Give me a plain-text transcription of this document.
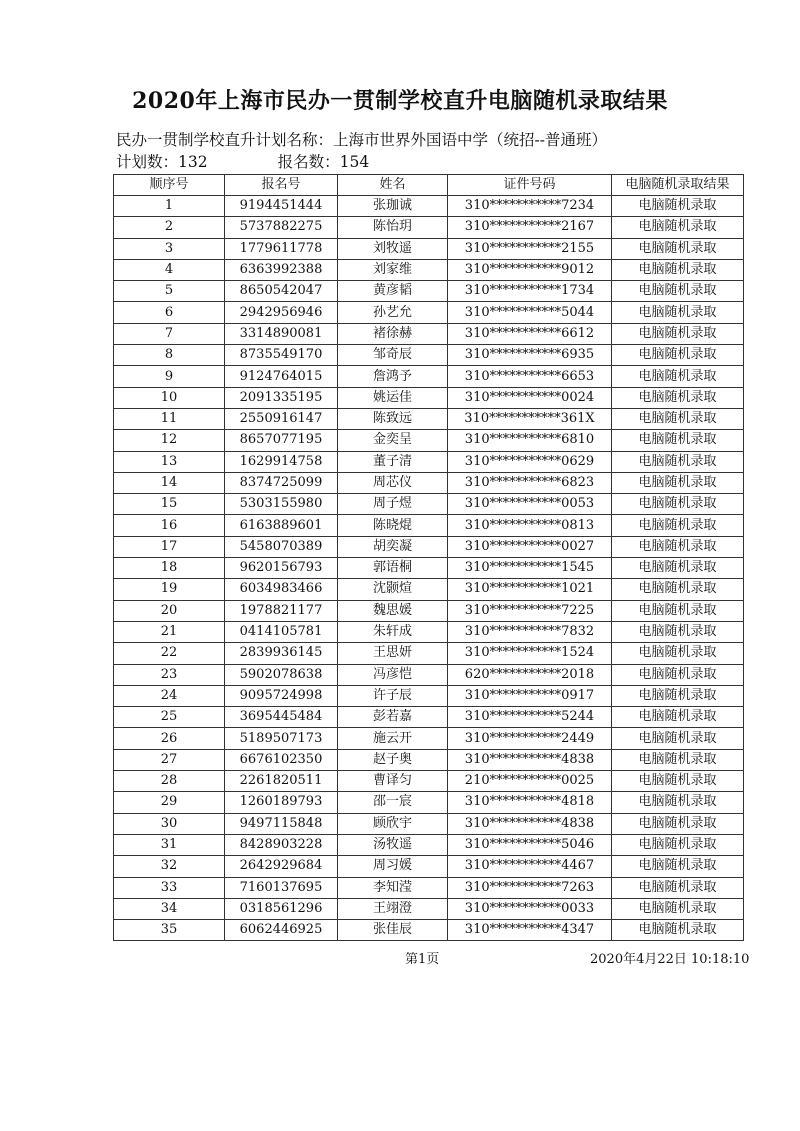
2020年上海市民办一贯制学校直升电脑随机录取结果
民办一贯制学校直升计划名称：上海市世界外国语中学（统招--普通班）
计划数：132	报名数：154
顺序号	报名号	姓名	证件号码	电脑随机录取结果
1	9194451444	张珈诚	310***********7234	电脑随机录取
2	5737882275	陈怡玥	310***********2167	电脑随机录取
3	1779611778	刘牧遥	310***********2155	电脑随机录取
4	6363992388	刘家维	310***********9012	电脑随机录取
5	8650542047	黄彦韬	310***********1734	电脑随机录取
6	2942956946	孙艺允	310***********5044	电脑随机录取
7	3314890081	褚徐赫	310***********6612	电脑随机录取
8	8735549170	邹奇辰	310***********6935	电脑随机录取
9	9124764015	詹鸿予	310***********6653	电脑随机录取
10	2091335195	姚运佳	310***********0024	电脑随机录取
11	2550916147	陈致远	310***********361X	电脑随机录取
12	8657077195	金奕呈	310***********6810	电脑随机录取
13	1629914758	董子清	310***********0629	电脑随机录取
14	8374725099	周芯仪	310***********6823	电脑随机录取
15	5303155980	周子煜	310***********0053	电脑随机录取
16	6163889601	陈晓焜	310***********0813	电脑随机录取
17	5458070389	胡奕凝	310***********0027	电脑随机录取
18	9620156793	郭语桐	310***********1545	电脑随机录取
19	6034983466	沈颢煊	310***********1021	电脑随机录取
20	1978821177	魏思媛	310***********7225	电脑随机录取
21	0414105781	朱轩成	310***********7832	电脑随机录取
22	2839936145	王思妍	310***********1524	电脑随机录取
23	5902078638	冯彦恺	620***********2018	电脑随机录取
24	9095724998	许子辰	310***********0917	电脑随机录取
25	3695445484	彭若嘉	310***********5244	电脑随机录取
26	5189507173	施云开	310***********2449	电脑随机录取
27	6676102350	赵子奥	310***********4838	电脑随机录取
28	2261820511	曹译匀	210***********0025	电脑随机录取
29	1260189793	邵一宸	310***********4818	电脑随机录取
30	9497115848	顾欣宇	310***********4838	电脑随机录取
31	8428903228	汤牧遥	310***********5046	电脑随机录取
32	2642929684	周习媛	310***********4467	电脑随机录取
33	7160137695	李知滢	310***********7263	电脑随机录取
34	0318561296	王翊澄	310***********0033	电脑随机录取
35	6062446925	张佳辰	310***********4347	电脑随机录取
第1页	2020年4月22日 10:18:10
